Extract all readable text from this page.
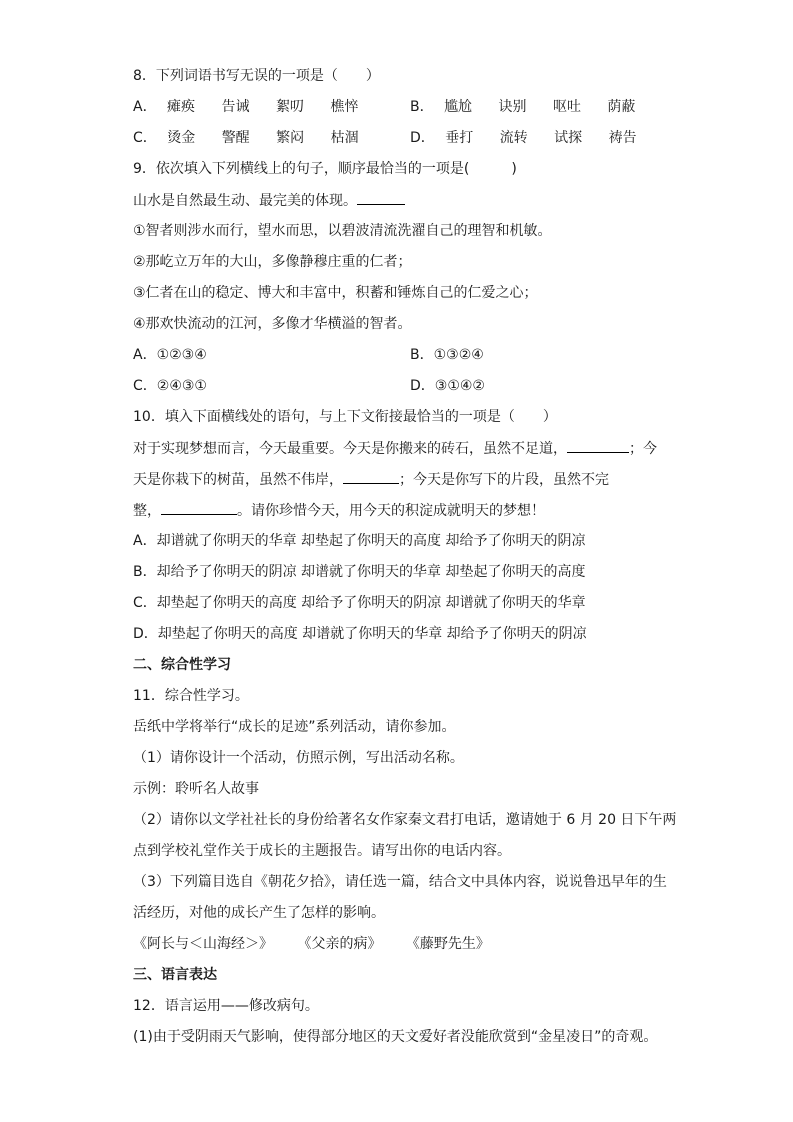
8．下列词语书写无误的一项是（　　）
A． 瘫痪 告诫 絮叨 樵悴	B． 尴尬 诀别 呕吐 荫蔽
C． 烫金 警醒 繁闷 枯涸	D． 垂打 流转 试探 祷告
9．依次填入下列横线上的句子，顺序最恰当的一项是(　　　)
山水是自然最生动、最完美的体现。
①智者则涉水而行，望水而思，以碧波清流洗濯自己的理智和机敏。
②那屹立万年的大山，多像静穆庄重的仁者；
③仁者在山的稳定、博大和丰富中，积蓄和锤炼自己的仁爱之心；
④那欢快流动的江河，多像才华横溢的智者。
A．①②③④	B．①③②④
C．②④③①	D．③①④②
10．填入下面横线处的语句，与上下文衔接最恰当的一项是（　　）
对于实现梦想而言，今天最重要。今天是你搬来的砖石，虽然不足道，	；今
天是你栽下的树苗，虽然不伟岸，	；今天是你写下的片段，虽然不完
整，	。请你珍惜今天，用今天的积淀成就明天的梦想！
A．却谱就了你明天的华章 却垫起了你明天的高度 却给予了你明天的阴凉
B．却给予了你明天的阴凉 却谱就了你明天的华章 却垫起了你明天的高度
C．却垫起了你明天的高度 却给予了你明天的阴凉 却谱就了你明天的华章
D．却垫起了你明天的高度 却谱就了你明天的华章 却给予了你明天的阴凉
二、综合性学习
11．综合性学习。
岳纸中学将举行“成长的足迹”系列活动，请你参加。
（1）请你设计一个活动，仿照示例，写出活动名称。
示例：聆听名人故事
（2）请你以文学社社长的身份给著名女作家秦文君打电话，邀请她于 6 月 20 日下午两
点到学校礼堂作关于成长的主题报告。请写出你的电话内容。
（3）下列篇目选自《朝花夕拾》，请任选一篇，结合文中具体内容，说说鲁迅早年的生
活经历，对他的成长产生了怎样的影响。
《阿长与＜山海经＞》 《父亲的病》 《藤野先生》
三、语言表达
12．语言运用——修改病句。
(1)由于受阴雨天气影响，使得部分地区的天文爱好者没能欣赏到“金星凌日”的奇观。
